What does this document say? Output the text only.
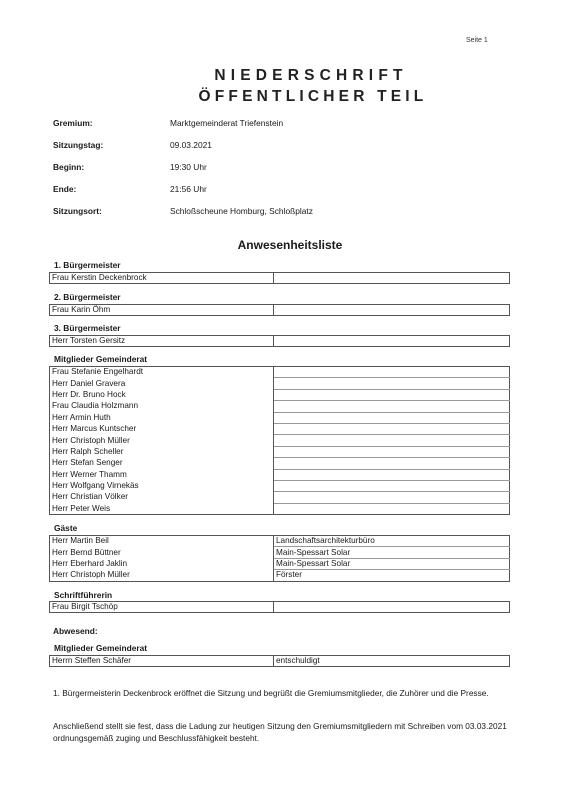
Seite 1
NIEDERSCHRIFT
ÖFFENTLICHER TEIL
Gremium:	Marktgemeinderat Triefenstein
Sitzungstag:	09.03.2021
Beginn:	19:30 Uhr
Ende:	21:56 Uhr
Sitzungsort:	Schloßscheune Homburg, Schloßplatz
Anwesenheitsliste
1. Bürgermeister
Frau Kerstin Deckenbrock	
2. Bürgermeister
Frau Karin Öhm	
3. Bürgermeister
Herr Torsten Gersitz	
Mitglieder Gemeinderat
Frau Stefanie Engelhardt	
Herr Daniel Gravera	
Herr Dr. Bruno Hock	
Frau Claudia Holzmann	
Herr Armin Huth	
Herr Marcus Kuntscher	
Herr Christoph Müller	
Herr Ralph Scheller	
Herr Stefan Senger	
Herr Werner Thamm	
Herr Wolfgang Virnekäs	
Herr Christian Völker	
Herr Peter Weis	
Gäste
Herr Martin Beil	Landschaftsarchitekturbüro
Herr Bernd Büttner	Main-Spessart Solar
Herr Eberhard Jaklin	Main-Spessart Solar
Herr Christoph Müller	Förster
Schriftführerin
Frau Birgit Tschöp	
Abwesend:
Mitglieder Gemeinderat
Herrn Steffen Schäfer	entschuldigt

1. Bürgermeisterin Deckenbrock eröffnet die Sitzung und begrüßt die Gremiumsmitglieder, die Zuhörer und die Presse.

Anschließend stellt sie fest, dass die Ladung zur heutigen Sitzung den Gremiumsmitgliedern mit Schreiben vom 03.03.2021 ordnungsgemäß zuging und Beschlussfähigkeit besteht.
